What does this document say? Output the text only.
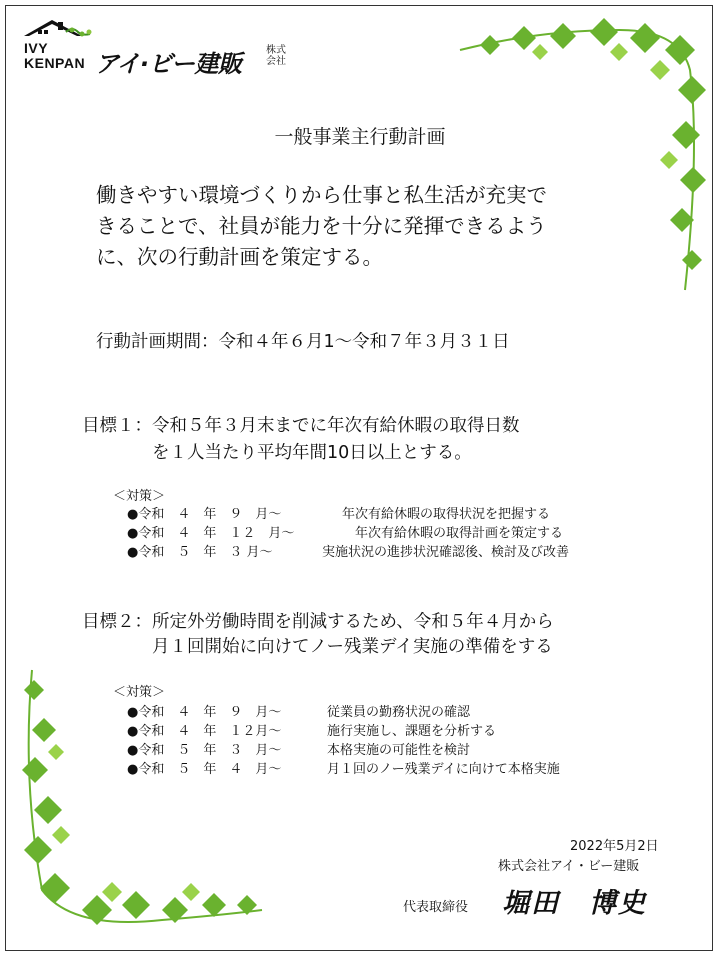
IVY
KENPAN アイ·ビー建販 株式
会社
一般事業主行動計画
働きやすい環境づくりから仕事と私生活が充実で
きることで、社員が能力を十分に発揮できるよう
に、次の行動計画を策定する。
行動計画期間：令和４年６月1～令和７年３月３１日
目標１：令和５年３月末までに年次有給休暇の取得日数
を１人当たり平均年間10日以上とする。
＜対策＞
●令和　４　年　９　月～	年次有給休暇の取得状況を把握する
●令和　４　年　１２　月～	年次有給休暇の取得計画を策定する
●令和　５　年　３ 月～	実施状況の進捗状況確認後、検討及び改善
目標２：所定外労働時間を削減するため、令和５年４月から
月１回開始に向けてノー残業デイ実施の準備をする
＜対策＞
●令和　４　年　９　月～	従業員の勤務状況の確認
●令和　４　年　１２月～	施行実施し、課題を分析する
●令和　５　年　３　月～	本格実施の可能性を検討
●令和　５　年　４　月～	月１回のノー残業デイに向けて本格実施
2022年5月2日
株式会社アイ・ビー建販
代表取締役 堀田　博史
